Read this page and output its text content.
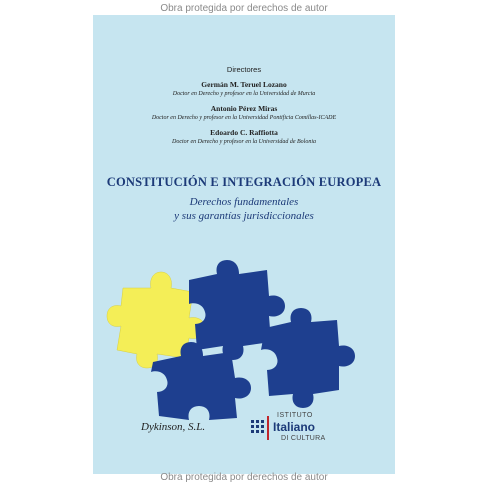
Obra protegida por derechos de autor
Directores
Germán M. Teruel Lozano
Doctor en Derecho y profesor en la Universidad de Murcia
Antonio Pérez Miras
Doctor en Derecho y profesor en la Universidad Pontificia Comillas-ICADE
Edoardo C. Raffiotta
Doctor en Derecho y profesor en la Universidad de Bolonia
CONSTITUCIÓN E INTEGRACIÓN EUROPEA
Derechos fundamentales
y sus garantías jurisdiccionales
Dykinson, S.L.
ISTITUTO
Italiano
DI CULTURA
Obra protegida por derechos de autor
